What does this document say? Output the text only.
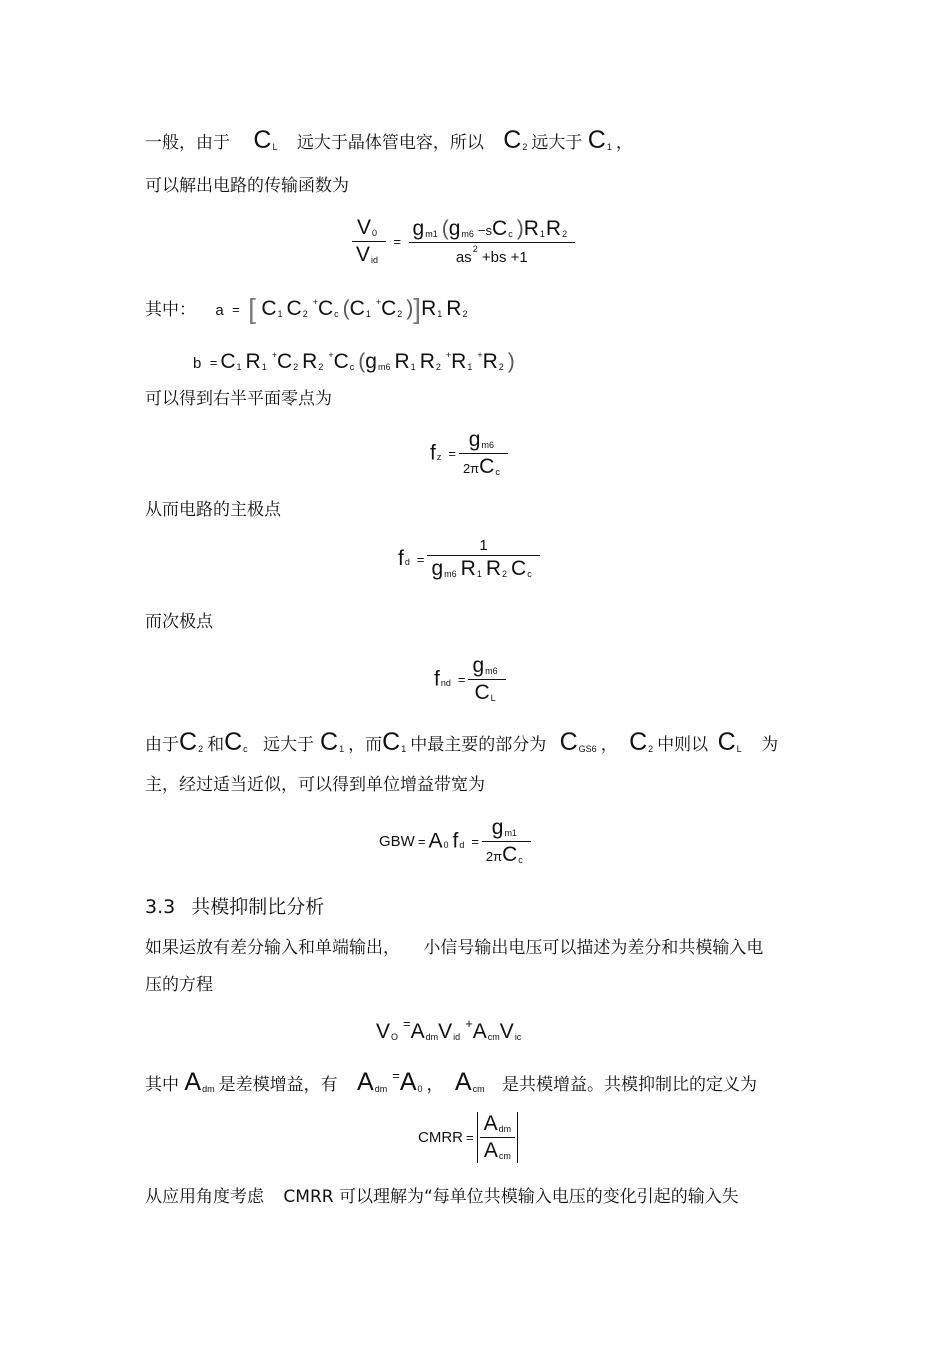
一般，由于 $C_L$ 远大于晶体管电容，所以 $C_2$ 远大于 $C_1$ ，
可以解出电路的传输函数为
$\frac{V_0}{V_{id}} = \frac{g_{m1} (g_{m6} -sC_c )R_1R_2}{as^2 +bs +1}$
其中： a = [ $C_1$ $C_2^+C_c$ ($C_1^+C_2$ )]$R_1$ $R_2$
$b = C_1$ $R_1^+C_2$ $R_2^+C_c$ ($g_{m6}$ $R_1$ $R_2^+R_1^+R_2$ )
可以得到右半平面零点为
$f_z = \frac{g_{m6}}{2\pi C_c}$
从而电路的主极点
$f_d = \frac{1}{g_{m6} R_1 R_2 C_c}$
而次极点
$f_{nd} = \frac{g_{m6}}{C_L}$
由于$C_2$ 和$C_c$ 远大于 $C_1$ ，而$C_1$ 中最主要的部分为 $C_{GS6}$ ， $C_2$ 中则以 $C_L$ 为
主，经过适当近似，可以得到单位增益带宽为
GBW = $A_0$ $f_d = \frac{g_{m1}}{2\pi C_c}$
3.3 共模抑制比分析
如果运放有差分输入和单端输出， 小信号输出电压可以描述为差分和共模输入电
压的方程
$V_O^=A_{dm}V_{id}^+A_{cm}V_{ic}$
其中 $A_{dm}$ 是差模增益，有 $A_{dm}^=A_0$ ， $A_{cm}$ 是共模增益。共模抑制比的定义为
CMRR = $\frac{A_{dm}}{A_{cm}}$
从应用角度考虑 CMRR 可以理解为“每单位共模输入电压的变化引起的输入失
